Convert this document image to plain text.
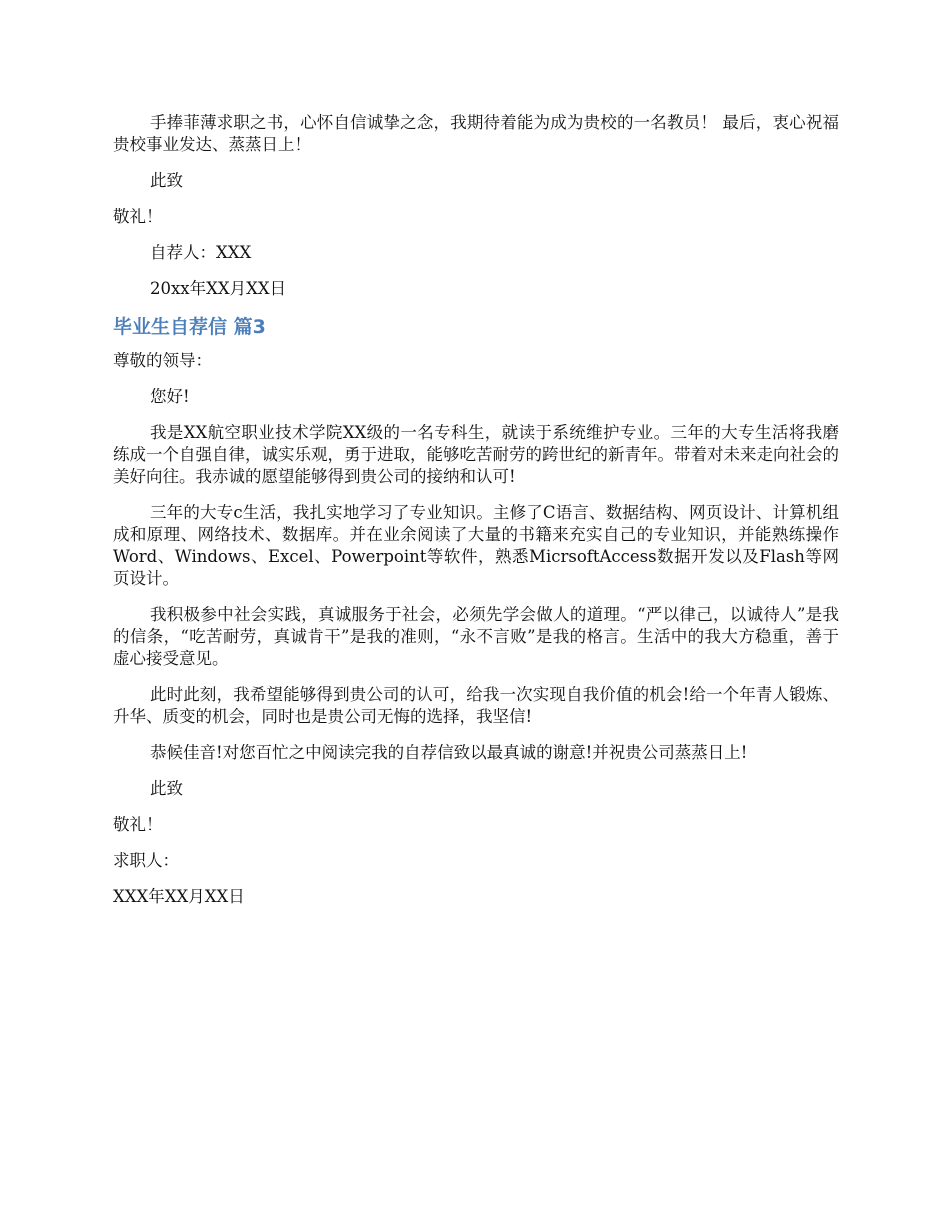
手捧菲薄求职之书，心怀自信诚挚之念，我期待着能为成为贵校的一名教员！ 最后，衷心祝福贵校事业发达、蒸蒸日上！

此致

敬礼！

自荐人：XXX

20xx年XX月XX日

毕业生自荐信 篇3

尊敬的领导：

您好!

我是XX航空职业技术学院XX级的一名专科生，就读于系统维护专业。三年的大专生活将我磨练成一个自强自律，诚实乐观，勇于进取，能够吃苦耐劳的跨世纪的新青年。带着对未来走向社会的美好向往。我赤诚的愿望能够得到贵公司的接纳和认可!

三年的大专c生活，我扎实地学习了专业知识。主修了C语言、数据结构、网页设计、计算机组成和原理、网络技术、数据库。并在业余阅读了大量的书籍来充实自己的专业知识，并能熟练操作Word、Windows、Excel、Powerpoint等软件，熟悉MicrsoftAccess数据开发以及Flash等网页设计。

我积极参中社会实践，真诚服务于社会，必须先学会做人的道理。“严以律己，以诚待人”是我的信条，“吃苦耐劳，真诚肯干”是我的准则，“永不言败”是我的格言。生活中的我大方稳重，善于虚心接受意见。

此时此刻，我希望能够得到贵公司的认可，给我一次实现自我价值的机会!给一个年青人锻炼、升华、质变的机会，同时也是贵公司无悔的选择，我坚信!

恭候佳音!对您百忙之中阅读完我的自荐信致以最真诚的谢意!并祝贵公司蒸蒸日上!

此致

敬礼！

求职人：

XXX年XX月XX日
